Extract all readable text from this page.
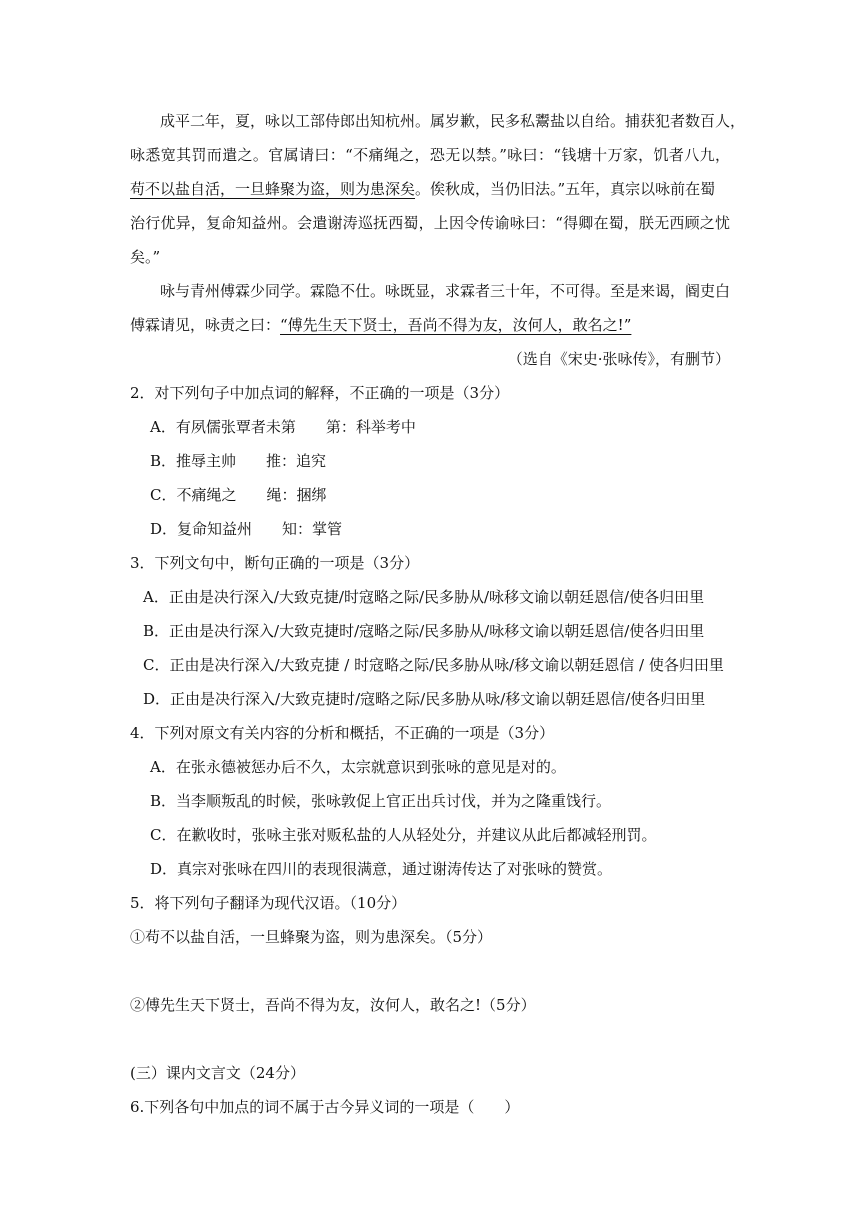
成平二年，夏，咏以工部侍郎出知杭州。属岁歉，民多私鬻盐以自给。捕获犯者数百人，
咏悉宽其罚而遣之。官属请曰：“不痛绳之，恐无以禁。”咏曰：“钱塘十万家，饥者八九，
苟不以盐自活，一旦蜂聚为盗，则为患深矣。俟秋成，当仍旧法。”五年，真宗以咏前在蜀
治行优异，复命知益州。会遣谢涛巡抚西蜀，上因令传谕咏曰：“得卿在蜀，朕无西顾之忧
矣。”
咏与青州傅霖少同学。霖隐不仕。咏既显，求霖者三十年，不可得。至是来谒，阍吏白
傅霖请见，咏责之曰：“傅先生天下贤士，吾尚不得为友，汝何人，敢名之!”
（选自《宋史·张咏传》，有删节）
2．对下列句子中加点词的解释，不正确的一项是（3分）
A．有夙儒张覃者未第　　第：科举考中
B．推辱主帅　　推：追究
C．不痛绳之　　绳：捆绑
D．复命知益州　　知：掌管
3．下列文句中，断句正确的一项是（3分）
A．正由是决行深入/大致克捷/时寇略之际/民多胁从/咏移文谕以朝廷恩信/使各归田里
B．正由是决行深入/大致克捷时/寇略之际/民多胁从/咏移文谕以朝廷恩信/使各归田里
C．正由是决行深入/大致克捷 / 时寇略之际/民多胁从咏/移文谕以朝廷恩信 / 使各归田里
D．正由是决行深入/大致克捷时/寇略之际/民多胁从咏/移文谕以朝廷恩信/使各归田里
4．下列对原文有关内容的分析和概括，不正确的一项是（3分）
A．在张永德被惩办后不久，太宗就意识到张咏的意见是对的。
B．当李顺叛乱的时候，张咏敦促上官正出兵讨伐，并为之隆重饯行。
C．在歉收时，张咏主张对贩私盐的人从轻处分，并建议从此后都减轻刑罚。
D．真宗对张咏在四川的表现很满意，通过谢涛传达了对张咏的赞赏。
5．将下列句子翻译为现代汉语。（10分）
①苟不以盐自活，一旦蜂聚为盗，则为患深矣。（5分）
②傅先生天下贤士，吾尚不得为友，汝何人，敢名之!（5分）
(三）课内文言文（24分）
6.下列各句中加点的词不属于古今异义词的一项是（　　）
